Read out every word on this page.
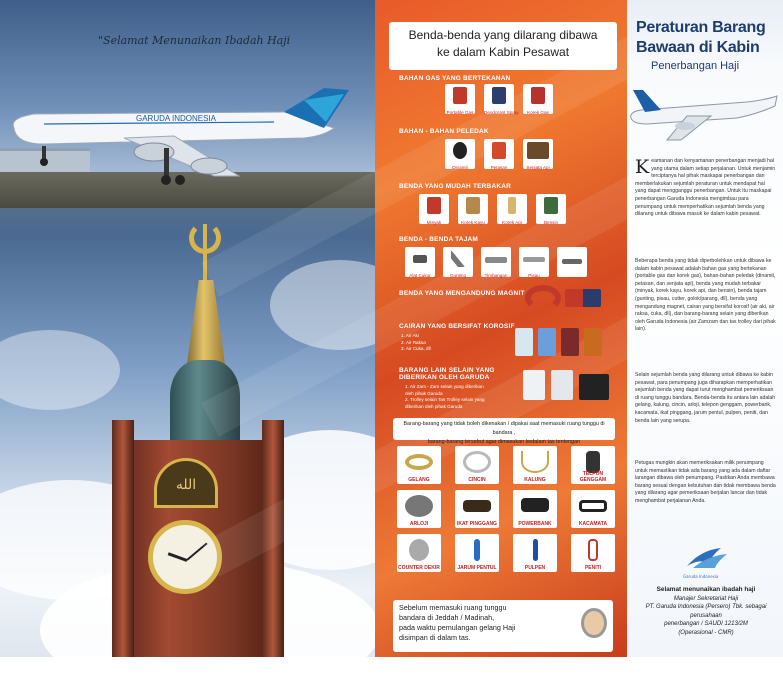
"Selamat Menunaikan Ibadah Haji
GARUDA INDONESIA
الله
Benda-benda yang dilarang dibawa
ke dalam Kabin Pesawat
BAHAN GAS YANG BERTEKANAN
Portable Gas	Deodorant Spray	Korek Gas
BAHAN - BAHAN PELEDAK
Dinamit	Petasan	Senjata Api
BENDA YANG MUDAH TERBAKAR
Minyak	Korek Kayu	Korek Api	Bensin
BENDA - BENDA TAJAM
Alat Cukur	Gunting	Timbangan	Pisau
BENDA YANG MENGANDUNG MAGNIT
CAIRAN YANG BERSIFAT KOROSIF
1. Air Aki
2. Air Raksa
3. Air Cuka, dll
BARANG LAIN SELAIN YANG
DIBERIKAN OLEH GARUDA
1. Air Zam - Zam selain yang diberikan
oleh pihak Garuda
2. Trolley selain Tas Trolley selain yang
diberikan oleh pihak Garuda
Barang-barang yang tidak boleh dikenakan / dipakai saat memasuki ruang tunggu di bandara ,
barang-barang tersebut agar dimasukan kedalam tas tentengan
GELANG	CINCIN	KALUNG
TELPON GENGGAM
ARLOJI	IKAT PINGGANG	POWERBANK	KACAMATA
COUNTER DEKIR	JARUM PENTUL	PULPEN	PENITI
Sebelum memasuki ruang tunggu
bandara di Jeddah / Madinah,
pada waktu pemulangan gelang Haji
disimpan di dalam tas.
Peraturan Barang
Bawaan di Kabin
Penerbangan Haji
Keamanan dan kenyamanan penerbangan menjadi hal yang utama dalam setiap perjalanan. Untuk menjamin terciptanya hal pihak maskapai penerbangan dan memberlakukan sejumlah peraturan untuk mendapat hal yang dapat mengganggu penerbangan. Untuk itu maskapai penerbangan Garuda Indonesia mengimbau para penumpang untuk memperhatikan sejumlah benda yang dilarang untuk dibawa masuk ke dalam kabin pesawat.
Beberapa benda yang tidak diperbolehkan untuk dibawa ke dalam kabin pesawat adalah bahan gas yang bertekanan (portable gas dan korek gas), bahan-bahan peledak (dinamit, petasan, dan senjata api), benda yang mudah terbakar (minyak, korek kayu, korek api, dan bensin), benda tajam (gunting, pisau, cutter, golok/parang, dll), benda yang mengandung magnet, cairan yang bersifat korosif (air aki, air raksa, cuka, dll), dan barang-barang selain yang diberikan oleh Garuda Indonesia (air Zamzam dan tas trolley dari pihak lain).
Selain sejumlah benda yang dilarang untuk dibawa ke kabin pesawat, para penumpang juga diharapkan memperhatikan sejumlah benda yang dapat turut menghambat pemeriksaan di ruang tunggu bandara. Benda-benda itu antara lain adalah gelang, kalung, cincin, arloji, telepon genggam, powerbank, kacamata, ikat pinggang, jarum pentul, pulpen, peniti, dan benda lain yang serupa.
Petugas mungkin akan memeriksakan milik penumpang untuk memastikan tidak ada barang yang ada dalam daftar larangan dibawa oleh penumpang. Pastikan Anda membawa barang sesuai dengan kebutuhan dan tidak membawa benda yang dilarang agar pemeriksaan berjalan lancar dan tidak menghambat perjalanan Anda.
Garuda Indonesia
Selamat menunaikan ibadah haji
Manajer Sekretariat Haji
PT. Garuda Indonesia (Persero) Tbk. sebagai perusahaan
penerbangan / SAUDI 1213/2M
(Operasional - CMR)
